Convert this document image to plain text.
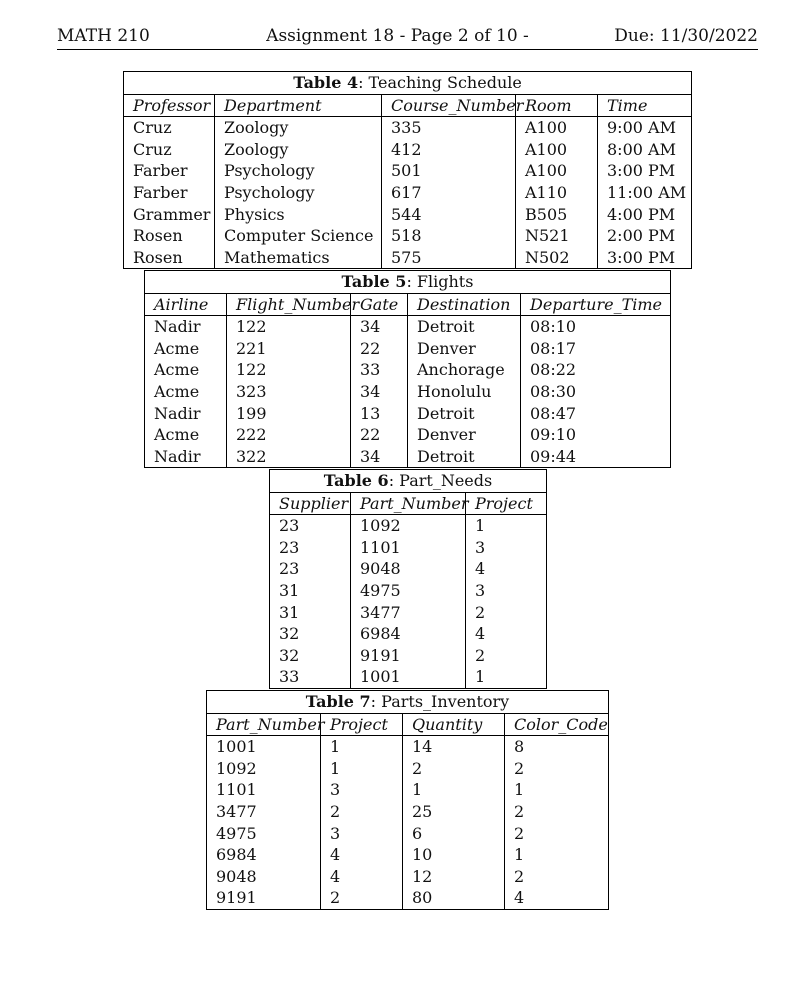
MATH 210	Assignment 18 - Page 2 of 10 -	Due: 11/30/2022
Table 4: Teaching Schedule				
Professor	Department	Course_Number	Room	Time
Cruz	Zoology	335	A100	9:00 AM
Cruz	Zoology	412	A100	8:00 AM
Farber	Psychology	501	A100	3:00 PM
Farber	Psychology	617	A110	11:00 AM
Grammer	Physics	544	B505	4:00 PM
Rosen	Computer Science	518	N521	2:00 PM
Rosen	Mathematics	575	N502	3:00 PM
Table 5: Flights				
Airline	Flight_Number	Gate	Destination	Departure_Time
Nadir	122	34	Detroit	08:10
Acme	221	22	Denver	08:17
Acme	122	33	Anchorage	08:22
Acme	323	34	Honolulu	08:30
Nadir	199	13	Detroit	08:47
Acme	222	22	Denver	09:10
Nadir	322	34	Detroit	09:44
Table 6: Part_Needs		
Supplier	Part_Number	Project
23	1092	1
23	1101	3
23	9048	4
31	4975	3
31	3477	2
32	6984	4
32	9191	2
33	1001	1
Table 7: Parts_Inventory			
Part_Number	Project	Quantity	Color_Code
1001	1	14	8
1092	1	2	2
1101	3	1	1
3477	2	25	2
4975	3	6	2
6984	4	10	1
9048	4	12	2
9191	2	80	4
